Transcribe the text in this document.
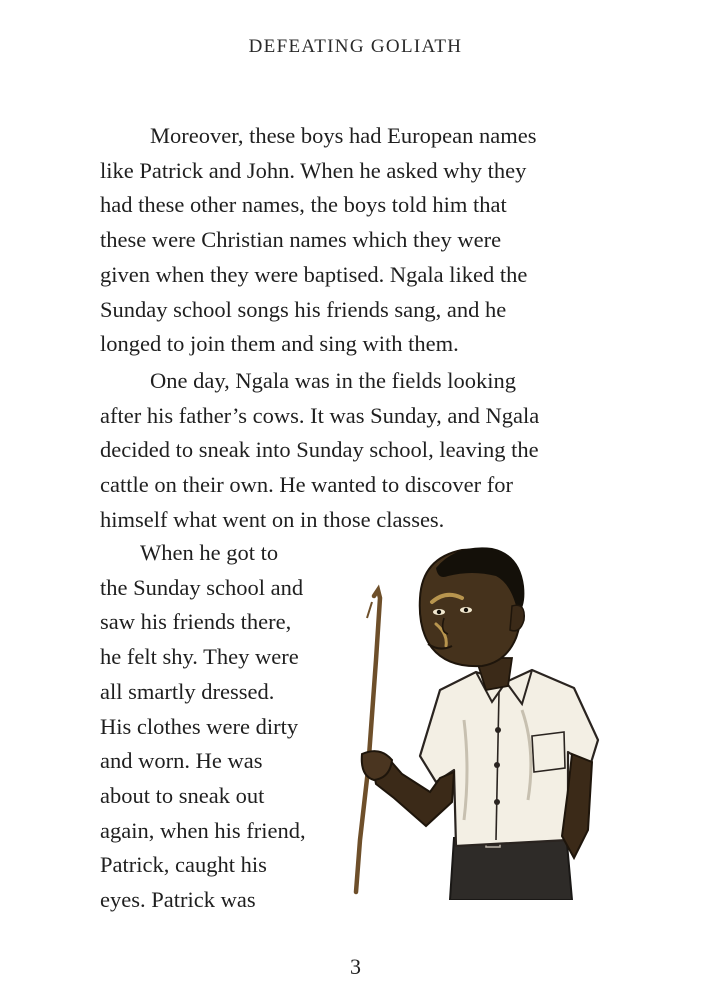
DEFEATING GOLIATH

Moreover, these boys had European names
like Patrick and John. When he asked why they
had these other names, the boys told him that
these were Christian names which they were
given when they were baptised. Ngala liked the
Sunday school songs his friends sang, and he
longed to join them and sing with them.

One day, Ngala was in the fields looking
after his father’s cows. It was Sunday, and Ngala
decided to sneak into Sunday school, leaving the
cattle on their own. He wanted to discover for
himself what went on in those classes.

When he got to
the Sunday school and
saw his friends there,
he felt shy. They were
all smartly dressed.
His clothes were dirty
and worn. He was
about to sneak out
again, when his friend,
Patrick, caught his
eyes. Patrick was

3
